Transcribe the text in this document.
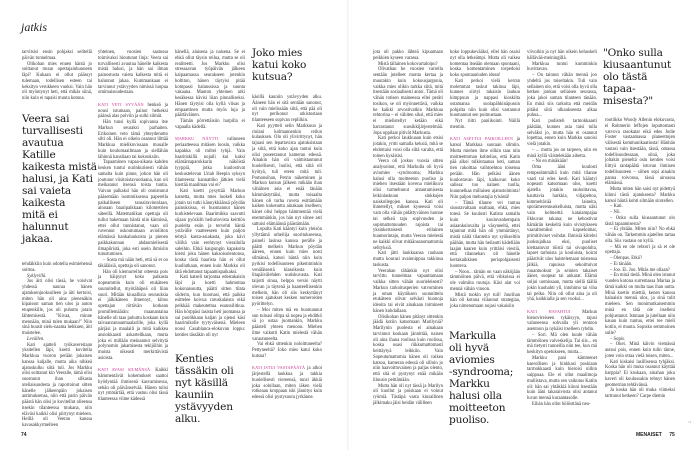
jatkis

tarvitsisi ensin pohjaksi selitellä päivän tunnelmaa.

Olikohan mies ennen häntä jo soittanut muun opettajainhuoneen läpi? Kukaan ei ollut päässyt tulemaan, todellisen esteen tai keksityn verukkeen vuoksi. Vain hän oli myöntynyt heti, että mikäs siinä, niin kuin ei tapaisi muuta kotona.

Veera sai
turvallisesti
avautua
Katille
kaikesta mistä
halusi, ja Kati
sai vaieta
kaikesta
mitä ei
halunnut
jakaa.

tehdäkkiin kuin odotella esimiehensä soittoa.

Syklyvillä.

Jos äiti olisi tässä, he voisivat yhdessä nauraa hänen ajatuksenjuoksulleen ja äiti kertoisi, miten hän oli aina pienenäkin kipaissut saman tien ulos ja auton etupenkille, jos oli puhuttu jotain lähtemisestä. "Kivaa, minne mennään, minä tulen mukaan!" Niin sinä huusit sielu-naama hehkuen, äiti muistelee.

Levällen.

Kati ajatteli työkavereitaan yksitellen läpi, koetti kuvitella Markkua vuoron perään jokaisen kanssa kaljalle, mutta aika nihkeä ajatuskulku siitä tuli. Jos Markku olisi soittanut kin Veeralle, tämä olisi suostunut ihan silkasta uteliaisuudesta ja raportoinut sitten hänelle jälkeenpäin jokaisen antimuksensa, niin että parin päivän päästä hän olisi jo kuvitellut olleensa itsekin tilanteessa mukana, niin eläväsi kaikki olisi piirtynyt mieleen. Heillä oli Veeran kanssa kavasakkyrmelleen

yhteinen, vuosien saatossa toimivaksi hioutunut linja: Veera sai turvallisesti avautua hänelle kaikesta mistä halusi, ja hän sai ilman painostusta vaieta kaikesta mitä ei halunnut jakaa. Kummankaan ei tarvinnut ystävyyden nimissä luopua omimaisuudestaan.

KATI VETI SYVÄÄN henkeä ja nousi istumaan, painoi hetkeksi päänsä alas polviin ja sulki silmät.

Hän tunsi kyllä sopivansa itse Markun seuraksi parhaiten. Erikoinen veto tämä yhteydenotto silti oli. Hän ei oikein osannut liittää Markkua mielikuvissaan muualle kuin koulumaailmaan ja siellähän lähinnä kansliaan tai kokouksiin.

Tapaaminen vapaa-aikana kahden kesken tuntui nurinkurisesti vähän samalta kuin pinne, johon hän oli joutunut viisitoistavuotiaana, kun oli meikannut itsensä toista tuntia. Vaivan palkaksi hän oli onnistunut pääsemään isommiksensa paperella paikalliseen tanssiravintolaan, ainoaan baaripaikkaan kilometrien säteellä. Matematiikan opettaja oli tullut hakemaan häntä niin kännissä, ettei ollut tunnistanut, vaan oli ruvennut uskoutumaan avioliiton elämässä hankaluuksista ja pienen paikkakunnan ahdasmielisestä ilmapiiristä, joka esti usein ihmisiin tutustumisen.

– Sosta mä nään heti, että sä et oo täkäläisiä, opettaja oli sanonut.

Hän oli kiemurrellut otteesta pois ja häipynyt koko paikasta nopeammin kuin oli etukäteen suunnitellut, myötähäpeä oli liian suuri. Mitään kiusallisia seurauksia ei jälkikäteen ilmennyt, kiitos opettajan röttävän korkean promillemäärän: maanantaina hänelle oli taas puhuttu koskaan kuin taivaanrannanmaalarille, joka kyllä pärjäsi ja maalaili ja mitä kaikkea ansiokkaasti askartelikaan, mutta joka ei millään meinannut selvitytä polynomin jakamisesta tekijöihin ja muista oikeasti merkittävistä asioista.

KATI AVASI SILMÄNSÄ. Kaikki hämmentävät kokemukset saattoi hyödyntää ihmisenä kasvamisessa, sehän oli päivänselvää. Hänen tulisi nyt ymmärtää, että vastuu olisi tässä tilanteessa viime kädessä

hänellä, alaisena ja naisena. Se ei ehkä ollut täysin reilua, mutta se oli realiteetti. Jos Markku olisi stressaavan työpäivän jälkeen kaipaamassa seurakseen jotenkin holtiton, hänen täytyisi pitää kompassi balanssissa ja suunta vakaana. Mauton yhteinen arki kesäkessa kävisi liian pinnalliseksi. Hänen täytyisi olla kyllä viisas ja empaattinen mutta myös luja ja päättäväinen.

Tämän pörrettäisiin harpilla ei vapaalla kädellä.

MARKKU NÄYTTI valinneen periaatteessa mitäsen loosin, vaikka kapakka oli miltei tyhjä. Vain baaritiskillä nojaili kui kaksi elämäntaparokkarin näköistä tyyppiä, jotka kuulostivat keskustelevan Uriah Heepin syksyn tilanteesta: kannattiko jätkien vielä kiertää maailmaa vai ei?

Kati koetti pysyttää Markun katsetta, mutta mies luokeli koko jotain tai tutki kännykkäänsä pöydän painuksissa, ei huomannut hänen kurkistelevaan. Baarimikko saavutti sijaan pyöräilti heiluriovista keittiön puolelta esiin ja tervehti häntä ystävälle vaatteeseen kuin paljon tehtyä kanta-asiakasta, joka kävi väliltä vain erehtynyt vierailulla saleihin. Ehkä kaupungin kapakoita kiersi joku hänen kaksoisolentonsa, koska tästä baarista hän ei ollut kuullutkaan, ennen kuin Markku oli tätä ehdottanut tapaamispaikaksi.

Kati katseli tarjontaa edestakaisin läpi ja koetti hahmottaa kokonaisuutta, päätti sitten tilata siiderin, kun huomasi, että paikka esittelee koivua raruskalaista eikä pelkkää makeutettua esanssilitkua. Hän hörppäsi lasista heti juomansa ja sai puolikkaan kaljan ja ojensi käsi baarimikolle tyytyväisenä. Mieleen nousi Casablanca-elokuvan loppu: kenties tässäkin oli nyt

Kenties
tässäkin oli
nyt käsillä
kauniin
ystävyyden
alku.
Joko mies
katui koko
kutsua?

käsillä kauniin ystävyyden alku. Ääneen hän ei sitä sentään sanonut, oli vain mielissään siitä, että pää oli nyt perikonut arkistostaan tilanteeseen sopivan repliikin.

Kati pyytteli selin Markkuun ja riolani kolmannenkin reilun kulauksen. Olo oli ylivirittynyt, hän tajuasi sen lepattavista ajatuksistaan ja siitä, että koko ajan tuntui kuin olisi poseerannut kameran edessä. Ainakin hän oli valmistautunut huolellisesti, luulisi, että siitä oli hyötyä, tuli eteen mitä tuli. Pomonsihan, Petrin näkeminen ja Markun kutsun jälkeen mikään ihan vähäinen asia ei enää tänään hämmästyttäisi, mutta toisaalta hänen oli turha ruveta esittämään kaiken kokenutta ainakaan itselleen; hänet olisi helppo hämmentää vielä enemmänkin, jos hän nyt siinee asti sattuisi elämäänsä päästämään.

Lopulta Kati kääntyi kuin yleisön yllyttämä urheilija suoritukseensa, paineli lasinsa kanssa perälle ja päätti melkein Markun pöydän ääreen, ennen kuin mies nosti silmänsä, katsoi häntä niin kuin pyrkisi todellisuuteen pikemminkin venäläisestä klassikosta kuin iltapäivälehden uutiskuvasta. Kati taijotti sinua, helppo versio näytti olevan ja täytenä ja haasteellisenkin melkein, hän oli siis keskyttänyt toisen ajatukset kesken numeroiden pyörittelyn.

– Moi miten mä en huomannut sun tuloasi olitpa sä nopea ja ehditkö sä jo ostaa juomankin, Markku päästeli yhteen menoon. Miehen ilme vaikutti Katin mielestä vähän varautuneelta.

Vai ehkä sittenkin noloittuneelta? Pettyneeltä? Joko mies katui koko kutsua?

KATI ISTUI VASTAPÄÄTÄ ja alkoi järjestellä laukkua ja takkia huolellisesti viereensä, tunsi äkkiä joka solullaan, miten iäken vielä rotkeaan kroppaan iski jännitys kuin edessä olisi pystysuora jyrkänne.

74

jota oli pakko lähteä kipuamaan peikkien kyseen varassa.

Mistä tällainen kokovartaloipu?

Olivathan he vuosien varrella sentään jutelleet monta kertaa ja muutakin kuin kokousjargonia, vaikka mies olikin tarkka siitä, mitä itsestään sosiaalisesti antoi. Tämä oli vähän totisen maineessa ellei peräti tosikon, se oli myönnettävä, vaikka he kaikki arvostivatkin Markkua rehtorina – ei vähiten siksi, että mies ei mielistellyt ketään eikä harrastanut suosikkijärjestelmää. Jopa oppilaat pitivät Markusta.

Kati perkoi laukkuaan kuin etsisi jotakin, yritti samalla keksiä, mitä se ehdottaisi voisi olla siltä varalta, että toinen kysäisisi.

Veera oli joskus vuosia sitten analysoinut, että Markulla oli hyvä aviomies -syndrooma; Markku halusi olla moitteeton puoliso ja miehen itsestään kovena mielikuva olisi turmeltunut antautumisesta leikinlaskuun sinkkujen naiskollegojen kanssa. Kati oli ihmetellyt, mikset kyseessä voisi vain olla vähän pidättyväinen luonne tai selkeä taju sopivuuden ja sopimattomuuden rajoista tai yksinkertaisesti erilainen huumorintaju, mutta Veeran mielestä ne kaikki olivat mitäänsanomattomia selityksiä.

Kati jätti laukkuansa rauhaan mutta kourasi avainnippua takkinsa taskusta.

Veerahan tähänkin nyt olisi tarvittu tunnelmaa vapauttamaan vaikka sitten vähän suurieleisesti? Markun tarkoitusperien vatvominen ja oman käytöksen suunnittelu etukäteen olivat selvästi huonoja ideoita tai eivät ainakaan toimineet hänen kohdallaan.

Olisikohan hänen pitänyt sittenkin jäädä kotiin katsomaan Marilyniä? Marilynin puolesta ei ainakaan tarvinnut koskaan jännittää, naisen oli aina ihana roolissa kuin roolissa, koska osasi riikkumattomasti heittäytyä leikkiin. Vain Sopeutumattomia hänen oli vaikea katsoa, kameran edessä oli silloin jo niin haavoittuvainen ja paljas olento, että sitä ei pystynyt enää mikään illuusio peittämään.

Mutta hän oli nyt tässä ja Marilyn oli kuollut ja poiskaan ei voinut ryömiä. Tästäpä vasta kiusallinen jälkimaku jäisi heidän välilleen

koko loppukevääksi, ellei hän osaisi nyt olla letkeämpi. Mutta oli vaikea komentaa itseään olemaan spontaani, koska komentaminen torpedoisi koko spontaaniuden idean!

Kati perkoi vielä kerran molemmat taskut takinsa läpi, kunnes siirtyi takaisin laukun kimppuun ja nappasi kioskilta ostamansa suolapähkinäpussin pohjalta niin kuin olisi vastannut huomannut sen poimustaan.

Nyt riitti paniikointi. Näillä mentiin.

KATI ASETTUI PAIKOILLEEN ja katsoi Markkua suoraan silmiin. Mutta miehen ilme olikin taas niin moitteettoman kohtelias, että Katin pää alkoi tulkintaansa heti, saman tien rakoittaa vaihtoehtoa toisensa perään. Hän pelkäsi äänen kuulostavan läpi, kaikuvan koko salissa: tuo nainen tuolla, kuunnelkaa millaisen ajatustoiminta! Niin paljon mehustajia tylsästä!

– Tämä tilanne vei tuntua sisustavaltaan osaltaan, ehkä, mies totesi. Se kuulosti Katista samalla kuin kouluvanhempain asiaankuluvalta ja väsyneeltä, ettei tajunnut mitä hän oli ymmärtänyt, mistä näitä tilanteita nyt syökseltiin päähän, mutta hän heilautti kädellään laajan kaaren kuin yrittäisi viestiä, että tilannehan oli hänelle kertakaikkisen perispohjaisesti luonteva.

– Nooo... tämän on vaan näköjään tämmöinen päivä, että vihkoissa ei ole valmiita ruutuja. Käsi alat voi mennä vähän vinoon.

Mistä tuokin nyt tuli! Juurihan hän oli kotona viilannut strategiaa, joka nimenomaan nojasi vakaisiin

Markulla
oli hyvä
aviomies
-syndrooma;
Markku
halusi olla
moitteeton
puoliso.

viivoihin ja nyt hän oikein kehuskeli hällävää-meiningillä.

Markkua tuntui kumminkin huvittavan.

– On tainnut vähän mennä joo yhdeltä jos toiseltakin. Tuli vain sellainen olo, että voisi olla hyvä olla hetken jonkun sellaisen seurassa, joka jakoi saman tilanteen tänään. En minä siis tarkoita että meidän pitäisi siitä ulkaukseesta alkaa puhua...

Kati pudisteli tarmokkaasti päätään, kunnes asia taisi tulla selväksi jo, mutta hän ei osannut lopettaa, ennen kuin Markku sanoisi vielä jotakin.

– ... mutta jos on tarpeen, niin en minä kyllä väistelekään aihetta.

– No en minäkään!

Oma ääni kuulosti rempseämmältä kuin mitä tilanne vaati tai edes kesti. Kati kääntyi nopeasti katsomaan ulos, koetti ajatella jotakin rauhoittavaa, kauttavia harkkia, viljapeltoa, kimmeltävää laineita, sporämerennuskelluista, mutta näki vain kolmeittä kataiampajaa ilkkuvan takana; ne kehostivat hämärän keskeltä kuin sivistykseen vaaraltomiksi kapseloimat, primitiiviset voihdat. Ihmisiä kiirehti juoksujalkaa eksi, puoliset kiettaatuvat töistä tai sivupolulta, lapset tarhoista ja kouluista, koirat päästivät ulos haistelemaan toistensa jälkiä, rapuissa sekoittuivat ruuantuoksut ja seinien takaiset äänet, suopeat tai ankarat. Elämä soljui uomissaan, mutta siellä täällä jokin kuohahti yli, intohimo tai viha tai pelko. Niin oli ollut aina ja oli yhä, kaikkialla ja sen vuoksi...

KATI HAVAHTUI Markun hienovireiseen rykäisyyn, tajusi valuneensa sohvalla yli rentoon asentoon ja nykäisi itselleen ryhdin.

– Sori. Mä olen kuule vähän tämmöinen vaiveskelija. Tai siis... en mä tietysti tunneilla niin tee, kun mä keskityn opetukseen, mutta...

Markku pani kämmenet kaerollisen ja hinkkasi poskiaan tarmokkaasti kuin hieroisi niihin saippuaa. Ele ei ollut maailmoja mullistava, mutta sen vaikutus Katiin oli: hän sai yhtäkkiä kiinni itsestään kuin ääni takaraivosta olisi antanut luvan mennä kuraantasolle.

Eihän hän ollut hölösttänä neu-

"Onko sulla
kiusaantunut
olo tästä
tapaa-
misesta?"

rootiikko Woody Allenin elokuvasta, ei Rohmerin leffojen loputtomasti vatvova rasokatar eikä edes Jodie Foster vastaamassa planeettojen välisestä kommunikaatiosta! Hänhän vastasi vain itsestään, tässä, omassa todellisuudessaan, siinä, joka joltakin pieneltä osin kenties voisi liittyä rantapäätä istuvan ihmisen todellisuuteen – siihen sopi ainakin panna toivonsa, tässä airoassa elämässä.

Mutta miten hän saisi nyt pidettyä kiinni tästä ajatuksesta? Markku katsoi häntä kohti silmään sirotellen.

– Kati.

– Nii.

– Onko sulla kiusaantunut olo tästä tapaamisesta?

– Ei yhtään. Miten niin? No ehkä vähän on. Tarkemmin ajatellen tartaa olla. Siis vastaus on kyllä.

– Mä en ole rehtori ja sä et ole opettaja.

– Olenpas. Etkö?

– Ei tänään.

– Joo. Ei. Joo. Mitäs me ollaan?

– En minä tiedä. Minä olen istunut vuoden kotona surremassa Mariaa ja tämä kaikki on multa taas ihan uutta. Minä koetin miettiä, kenen kanssa haluaisin mennä ulos, ja sinä tulit mieleen. Sen monimutkaisemmin minä en tätä ole itselleni pohjustanut. Istutaan ja jutellaan niin kauan kuin tuntuu, ettei tee mieli kotiin, ei muuta. Sopisko semmoinen sulle?

– Sopis.

– Okei. Minä käivin viemässä autosi pois, ennen kuin tulin tänne, joten voin ottaa vielä toisen, miten...

Kati kiskaisi lasillisensa tyhjäksi. Koska hän oli muka osannut käyttää harppia? Ei koskaan, ainahan joku kaveri oli koulussakin tehnyt hänen geometrian tehtävänsä.

Ja koska hän oli muka viimeksi tarttunut hetkeen? Carpe diemin

››
MENAISET 75
